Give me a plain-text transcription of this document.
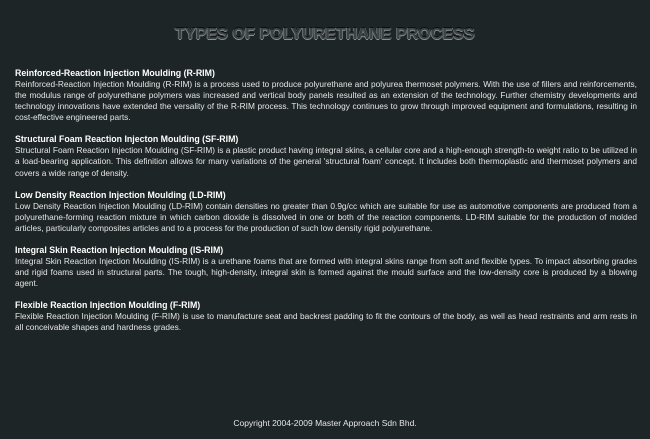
TYPES OF POLYURETHANE PROCESS
Reinforced-Reaction Injection Moulding (R-RIM)

Reinforced-Reaction Injection Moulding (R-RIM) is a process used to produce polyurethane and polyurea thermoset polymers. With the use of fillers and reinforcements, the modulus range of polyurethane polymers was increased and vertical body panels resulted as an extension of the technology. Further chemistry developments and technology innovations have extended the versality of the R-RIM process. This technology continues to grow through improved equipment and formulations, resulting in cost-effective engineered parts.

Structural Foam Reaction Injecton Moulding (SF-RIM)

Structural Foam Reaction Injection Moulding (SF-RIM) is a plastic product having integral skins, a cellular core and a high-enough strength-to weight ratio to be utilized in a load-bearing application. This definition allows for many variations of the general 'structural foam' concept. It includes both thermoplastic and thermoset polymers and covers a wide range of density.

Low Density Reaction Injection Moulding (LD-RIM)

Low Density Reaction Injection Moulding (LD-RIM) contain densities no greater than 0.9g/cc which are suitable for use as automotive components are produced from a polyurethane-forming reaction mixture in which carbon dioxide is dissolved in one or both of the reaction components. LD-RIM suitable for the production of molded articles, particularly composites articles and to a process for the production of such low density rigid polyurethane.

Integral Skin Reaction Injection Moulding (IS-RIM)

Integral Skin Reaction Injection Moulding (IS-RIM) is a urethane foams that are formed with integral skins range from soft and flexible types. To impact absorbing grades and rigid foams used in structural parts. The tough, high-density, integral skin is formed against the mould surface and the low-density core is produced by a blowing agent.

Flexible Reaction Injection Moulding (F-RIM)

Flexible Reaction Injection Moulding (F-RIM) is use to manufacture seat and backrest padding to fit the contours of the body, as well as head restraints and arm rests in all conceivable shapes and hardness grades.

Copyright 2004-2009 Master Approach Sdn Bhd.
